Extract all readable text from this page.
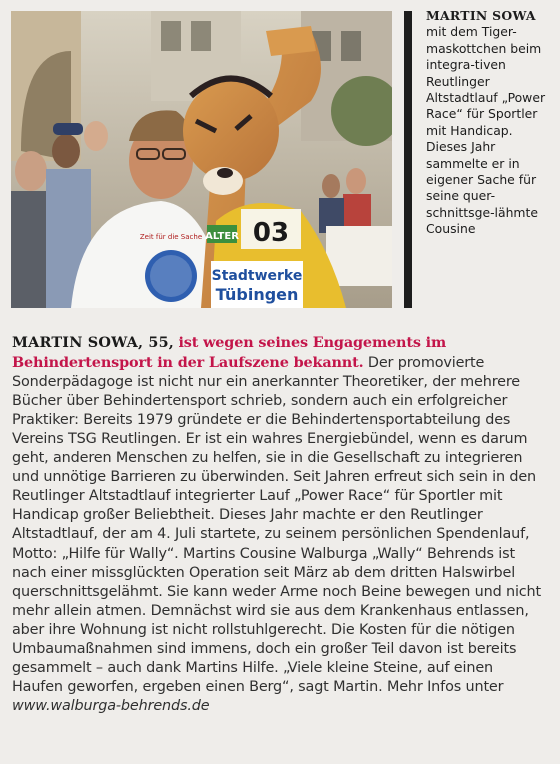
03
ALTER
Stadtwerke
Tübingen
Zeit für die Sache
MARTIN SOWA mit dem Tiger-maskottchen beim integra-tiven Reutlinger Altstadtlauf „Power Race“ für Sportler mit Handicap. Dieses Jahr sammelte er in eigener Sache für seine quer-schnittsge-lähmte Cousine
MARTIN SOWA, 55, ist wegen seines Engagements im Behindertensport in der Laufszene bekannt. Der promovierte Sonderpädagoge ist nicht nur ein anerkannter Theoretiker, der mehrere Bücher über Behindertensport schrieb, sondern auch ein erfolgreicher Praktiker: Bereits 1979 gründete er die Behindertensportabteilung des Vereins TSG Reutlingen. Er ist ein wahres Energiebündel, wenn es darum geht, anderen Menschen zu helfen, sie in die Gesellschaft zu integrieren und unnötige Barrieren zu überwinden. Seit Jahren erfreut sich sein in den Reutlinger Altstadtlauf integrierter Lauf „Power Race“ für Sportler mit Handicap großer Beliebtheit. Dieses Jahr machte er den Reutlinger Altstadtlauf, der am 4. Juli startete, zu seinem persönlichen Spendenlauf, Motto: „Hilfe für Wally“. Martins Cousine Walburga „Wally“ Behrends ist nach einer missglückten Operation seit März ab dem dritten Halswirbel querschnittsgelähmt. Sie kann weder Arme noch Beine bewegen und nicht mehr allein atmen. Demnächst wird sie aus dem Krankenhaus entlassen, aber ihre Wohnung ist nicht rollstuhlgerecht. Die Kosten für die nötigen Umbaumaßnahmen sind immens, doch ein großer Teil davon ist bereits gesammelt – auch dank Martins Hilfe. „Viele kleine Steine, auf einen Haufen geworfen, ergeben einen Berg“, sagt Martin. Mehr Infos unter www.walburga-behrends.de
